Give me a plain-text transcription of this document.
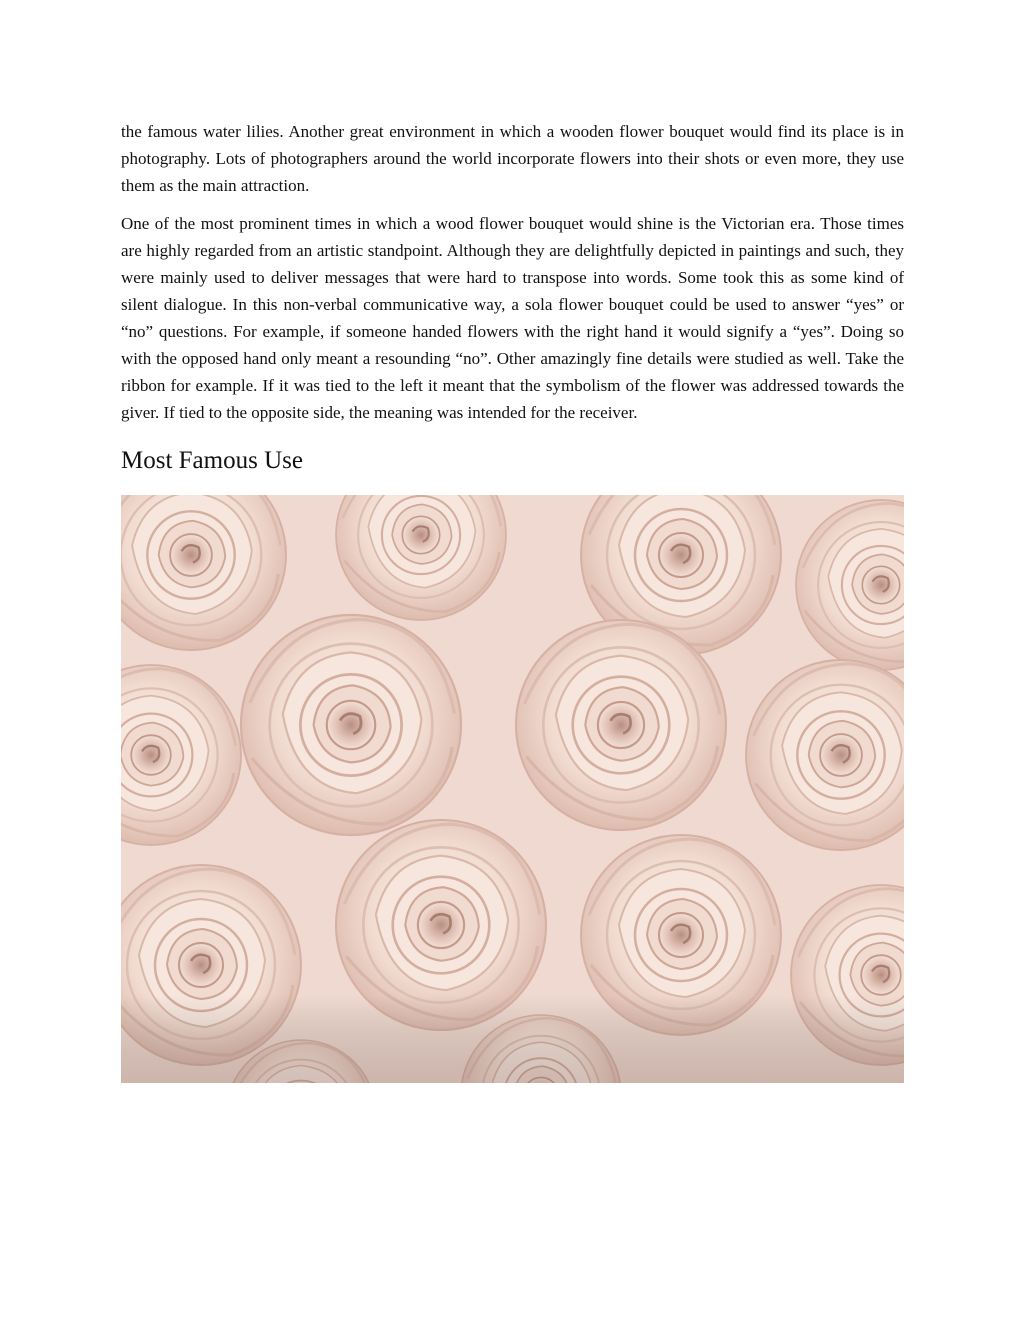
the famous water lilies. Another great environment in which a wooden flower bouquet would find its place is in photography. Lots of photographers around the world incorporate flowers into their shots or even more, they use them as the main attraction.

One of the most prominent times in which a wood flower bouquet would shine is the Victorian era. Those times are highly regarded from an artistic standpoint. Although they are delightfully depicted in paintings and such, they were mainly used to deliver messages that were hard to transpose into words. Some took this as some kind of silent dialogue. In this non-verbal communicative way, a sola flower bouquet could be used to answer “yes” or “no” questions. For example, if someone handed flowers with the right hand it would signify a “yes”. Doing so with the opposed hand only meant a resounding “no”. Other amazingly fine details were studied as well. Take the ribbon for example. If it was tied to the left it meant that the symbolism of the flower was addressed towards the giver. If tied to the opposite side, the meaning was intended for the receiver.

Most Famous Use
